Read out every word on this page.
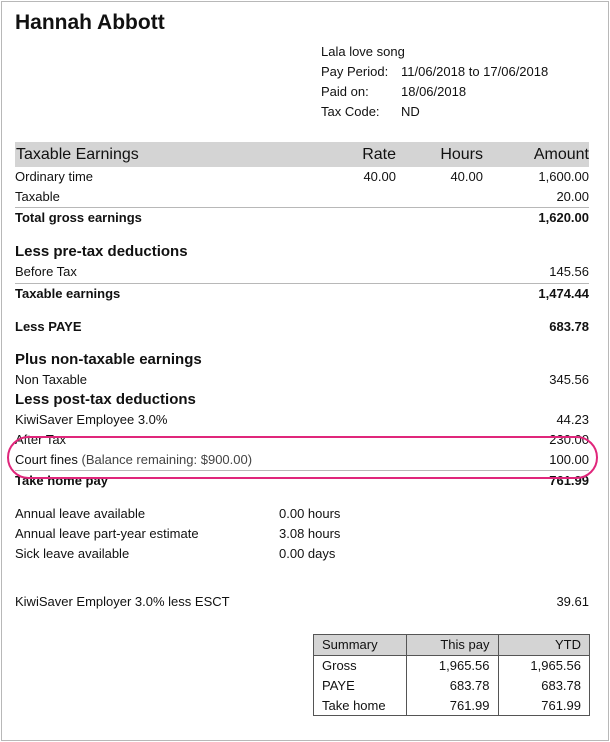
Hannah Abbott
Lala love song
Pay Period: 11/06/2018 to 17/06/2018
Paid on:	18/06/2018
Tax Code:	ND
Taxable Earnings	Rate	Hours	Amount
Ordinary time	40.00	40.00	1,600.00
Taxable	20.00
Total gross earnings	1,620.00
Less pre-tax deductions
Before Tax	145.56
Taxable earnings	1,474.44
Less PAYE	683.78
Plus non-taxable earnings
Non Taxable	345.56
Less post-tax deductions
KiwiSaver Employee 3.0%	44.23
After Tax	230.00
Court fines (Balance remaining: $900.00)	100.00
Take home pay	761.99
Annual leave available	0.00 hours
Annual leave part-year estimate	3.08 hours
Sick leave available	0.00 days
KiwiSaver Employer 3.0% less ESCT	39.61
Summary	This pay	YTD
Gross	1,965.56	1,965.56
PAYE	683.78	683.78
Take home	761.99	761.99
